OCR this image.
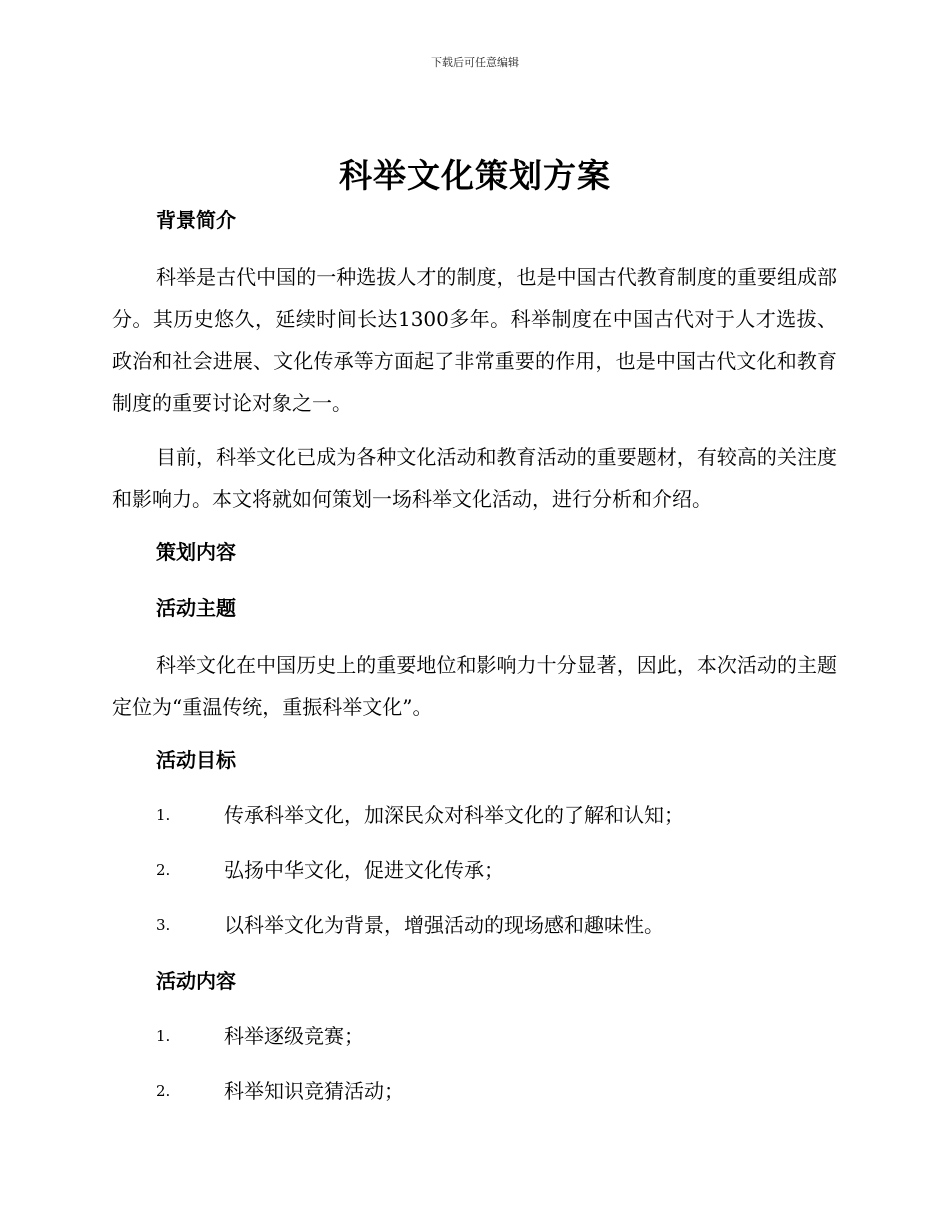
下载后可任意编辑
科举文化策划方案
背景简介

科举是古代中国的一种选拔人才的制度，也是中国古代教育制度的重要组成部分。其历史悠久，延续时间长达1300多年。科举制度在中国古代对于人才选拔、政治和社会进展、文化传承等方面起了非常重要的作用，也是中国古代文化和教育制度的重要讨论对象之一。

目前，科举文化已成为各种文化活动和教育活动的重要题材，有较高的关注度和影响力。本文将就如何策划一场科举文化活动，进行分析和介绍。

策划内容
活动主题

科举文化在中国历史上的重要地位和影响力十分显著，因此，本次活动的主题定位为“重温传统，重振科举文化”。

活动目标
1.	传承科举文化，加深民众对科举文化的了解和认知；
2.	弘扬中华文化，促进文化传承；
3.	以科举文化为背景，增强活动的现场感和趣味性。
活动内容
1.	科举逐级竞赛；
2.	科举知识竞猜活动；
